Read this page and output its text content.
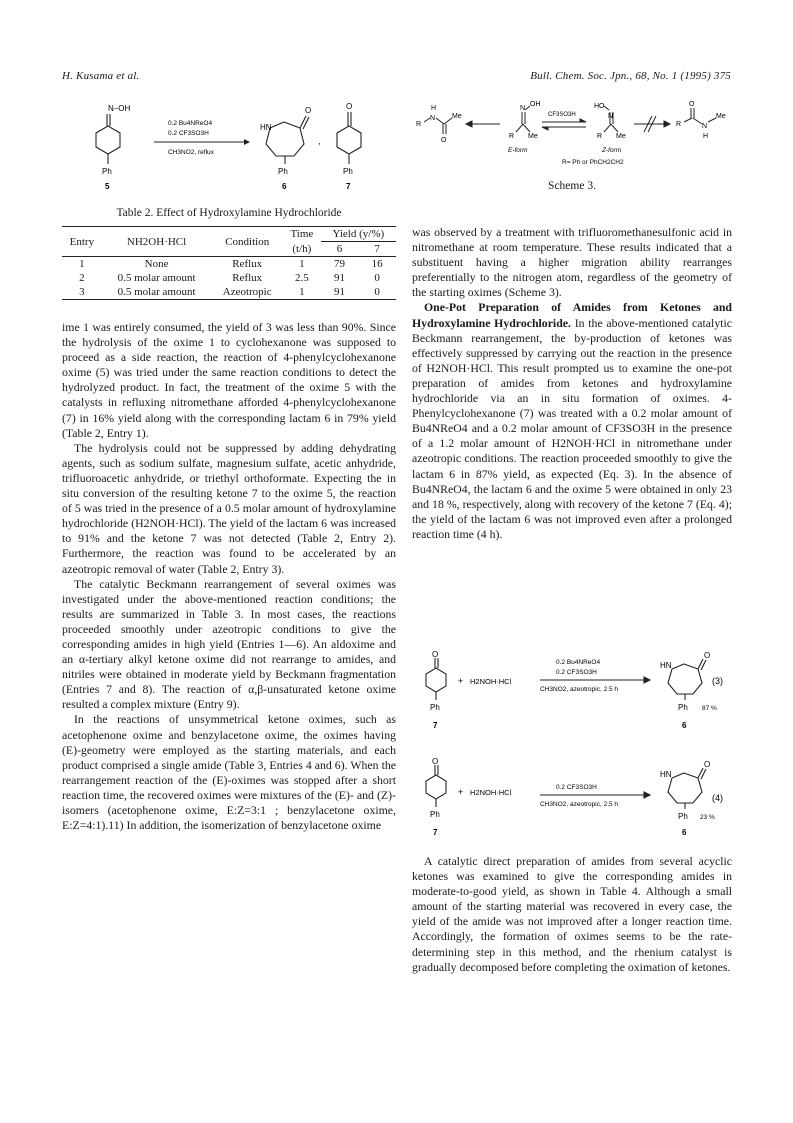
H. Kusama et al.	Bull. Chem. Soc. Jpn., 68, No. 1 (1995) 375
N–OH
Ph
5
0.2 Bu4NReO4
0.2 CF3SO3H
CH3NO2, reflux
HN
O
Ph
6
,
O
Ph
7
Table 2. Effect of Hydroxylamine Hydrochloride
Entry	NH2OH·HCl	Condition	Time	Yield (y/%)	
			(t/h)	6	7
1	None	Reflux	1	79	16
2	0.5 molar amount	Reflux	2.5	91	0
3	0.5 molar amount	Azeotropic	1	91	0

ime 1 was entirely consumed, the yield of 3 was less than 90%. Since the hydrolysis of the oxime 1 to cyclohexanone was supposed to proceed as a side reaction, the reaction of 4-phenylcyclohexanone oxime (5) was tried under the same reaction conditions to detect the hydrolyzed product. In fact, the treatment of the oxime 5 with the catalysts in refluxing nitromethane afforded 4-phenylcyclohexanone (7) in 16% yield along with the corresponding lactam 6 in 79% yield (Table 2, Entry 1).

The hydrolysis could not be suppressed by adding dehydrating agents, such as sodium sulfate, magnesium sulfate, acetic anhydride, trifluoroacetic anhydride, or triethyl orthoformate. Expecting the in situ conversion of the resulting ketone 7 to the oxime 5, the reaction of 5 was tried in the presence of a 0.5 molar amount of hydroxylamine hydrochloride (H2NOH·HCl). The yield of the lactam 6 was increased to 91% and the ketone 7 was not detected (Table 2, Entry 2). Furthermore, the reaction was found to be accelerated by an azeotropic removal of water (Table 2, Entry 3).

The catalytic Beckmann rearrangement of several oximes was investigated under the above-mentioned reaction conditions; the results are summarized in Table 3. In most cases, the reactions proceeded smoothly under azeotropic conditions to give the corresponding amides in high yield (Entries 1—6). An aldoxime and an α-tertiary alkyl ketone oxime did not rearrange to amides, and nitriles were obtained in moderate yield by Beckmann fragmentation (Entries 7 and 8). The reaction of α,β-unsaturated ketone oxime resulted a complex mixture (Entry 9).

In the reactions of unsymmetrical ketone oximes, such as acetophenone oxime and benzylacetone oxime, the oximes having (E)-geometry were employed as the starting materials, and each product comprised a single amide (Table 3, Entries 4 and 6). When the rearrangement reaction of the (E)-oximes was stopped after a short reaction time, the recovered oximes were mixtures of the (E)- and (Z)-isomers (acetophenone oxime, E:Z=3:1 ; benzylacetone oxime, E:Z=4:1).11) In addition, the isomerization of benzylacetone oxime

H
N
R
Me
O
N
OH
R Me
E-form
CF3SO3H
HO
N
R Me
Z-form
O
R	N
H
Me
R= Ph or PhCH2CH2
Scheme 3.

was observed by a treatment with trifluoromethanesulfonic acid in nitromethane at room temperature. These results indicated that a substituent having a higher migration ability rearranges preferentially to the nitrogen atom, regardless of the geometry of the starting oximes (Scheme 3).

One-Pot Preparation of Amides from Ketones and Hydroxylamine Hydrochloride. In the above-mentioned catalytic Beckmann rearrangement, the by-production of ketones was effectively suppressed by carrying out the reaction in the presence of H2NOH·HCl. This result prompted us to examine the one-pot preparation of amides from ketones and hydroxylamine hydrochloride via an in situ formation of oximes. 4-Phenylcyclohexanone (7) was treated with a 0.2 molar amount of Bu4NReO4 and a 0.2 molar amount of CF3SO3H in the presence of a 1.2 molar amount of H2NOH·HCl in nitromethane under azeotropic conditions. The reaction proceeded smoothly to give the lactam 6 in 87% yield, as expected (Eq. 3). In the absence of Bu4NReO4, the lactam 6 and the oxime 5 were obtained in only 23 and 18 %, respectively, along with recovery of the ketone 7 (Eq. 4); the yield of the lactam 6 was not improved even after a prolonged reaction time (4 h).

O
Ph
7
+ H2NOH·HCl
0.2 Bu4NReO4
0.2 CF3SO3H
CH3NO2, azeotropic, 2.5 h
HN
O
Ph 87 %
6
(3)
O
Ph
7
+ H2NOH·HCl
0.2 CF3SO3H
CH3NO2, azeotropic, 2.5 h
HN
O
Ph 23 %
6
(4)

A catalytic direct preparation of amides from several acyclic ketones was examined to give the corresponding amides in moderate-to-good yield, as shown in Table 4. Although a small amount of the starting material was recovered in every case, the yield of the amide was not improved after a longer reaction time. Accordingly, the formation of oximes seems to be the rate-determining step in this method, and the rhenium catalyst is gradually decomposed before completing the oximation of ketones.
